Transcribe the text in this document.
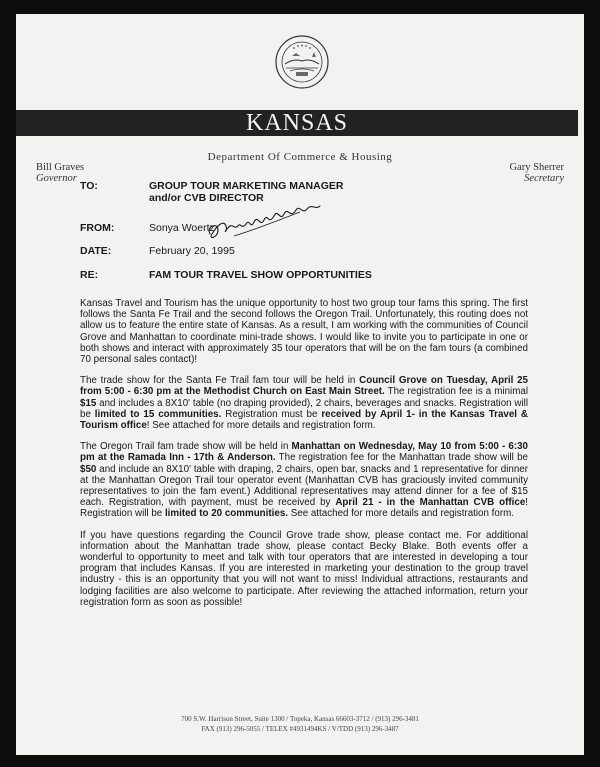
KANSAS
Department Of Commerce & Housing
Bill Graves
Governor
Gary Sherrer
Secretary
TO:	GROUP TOUR MARKETING MANAGER
and/or CVB DIRECTOR
FROM:	Sonya Woertz
DATE:	February 20, 1995
RE:	FAM TOUR TRAVEL SHOW OPPORTUNITIES

Kansas Travel and Tourism has the unique opportunity to host two group tour fams this spring. The first follows the Santa Fe Trail and the second follows the Oregon Trail. Unfortunately, this routing does not allow us to feature the entire state of Kansas. As a result, I am working with the communities of Council Grove and Manhattan to coordinate mini-trade shows. I would like to invite you to participate in one or both shows and interact with approximately 35 tour operators that will be on the fam tours (a combined 70 personal sales contact)!

The trade show for the Santa Fe Trail fam tour will be held in Council Grove on Tuesday, April 25 from 5:00 - 6:30 pm at the Methodist Church on East Main Street. The registration fee is a minimal $15 and includes a 8X10' table (no draping provided), 2 chairs, beverages and snacks. Registration will be limited to 15 communities. Registration must be received by April 1- in the Kansas Travel & Tourism office! See attached for more details and registration form.

The Oregon Trail fam trade show will be held in Manhattan on Wednesday, May 10 from 5:00 - 6:30 pm at the Ramada Inn - 17th & Anderson. The registration fee for the Manhattan trade show will be $50 and include an 8X10' table with draping, 2 chairs, open bar, snacks and 1 representative for dinner at the Manhattan Oregon Trail tour operator event (Manhattan CVB has graciously invited community representatives to join the fam event.) Additional representatives may attend dinner for a fee of $15 each. Registration, with payment, must be received by April 21 - in the Manhattan CVB office! Registration will be limited to 20 communities. See attached for more details and registration form.

If you have questions regarding the Council Grove trade show, please contact me. For additional information about the Manhattan trade show, please contact Becky Blake. Both events offer a wonderful to opportunity to meet and talk with tour operators that are interested in developing a tour program that includes Kansas. If you are interested in marketing your destination to the group travel industry - this is an opportunity that you will not want to miss! Individual attractions, restaurants and lodging facilities are also welcome to participate. After reviewing the attached information, return your registration form as soon as possible!

700 S.W. Harrison Street, Suite 1300 / Topeka, Kansas 66603-3712 / (913) 296-3481
FAX (913) 296-5055 / TELEX #4931494KS / V/TDD (913) 296-3487
